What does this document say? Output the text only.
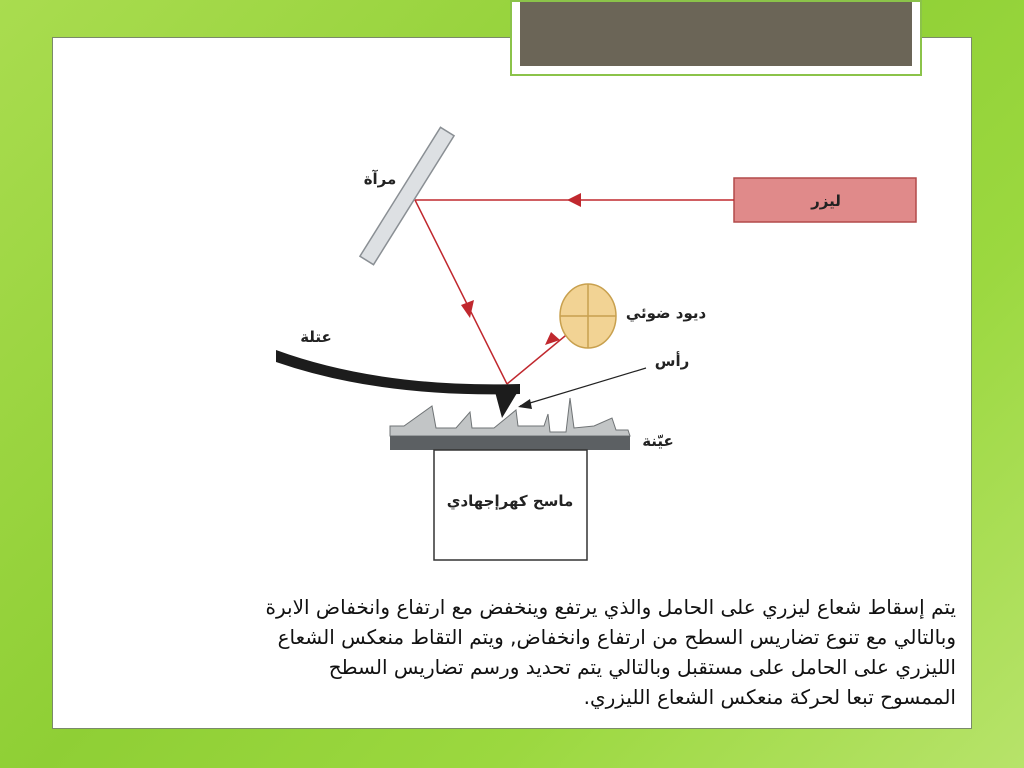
ليزر
مرآة
ديود ضوئي
عتلة
رأس
عيّنة
ماسح كهرإجهادي
يتم إسقاط شعاع ليزري على الحامل والذي يرتفع وينخفض مع ارتفاع وانخفاض الابرة
وبالتالي مع تنوع تضاريس السطح من ارتفاع وانخفاض, ويتم التقاط منعكس الشعاع
الليزري على الحامل على مستقبل وبالتالي يتم تحديد ورسم تضاريس السطح
الممسوح تبعا لحركة منعكس الشعاع الليزري.
